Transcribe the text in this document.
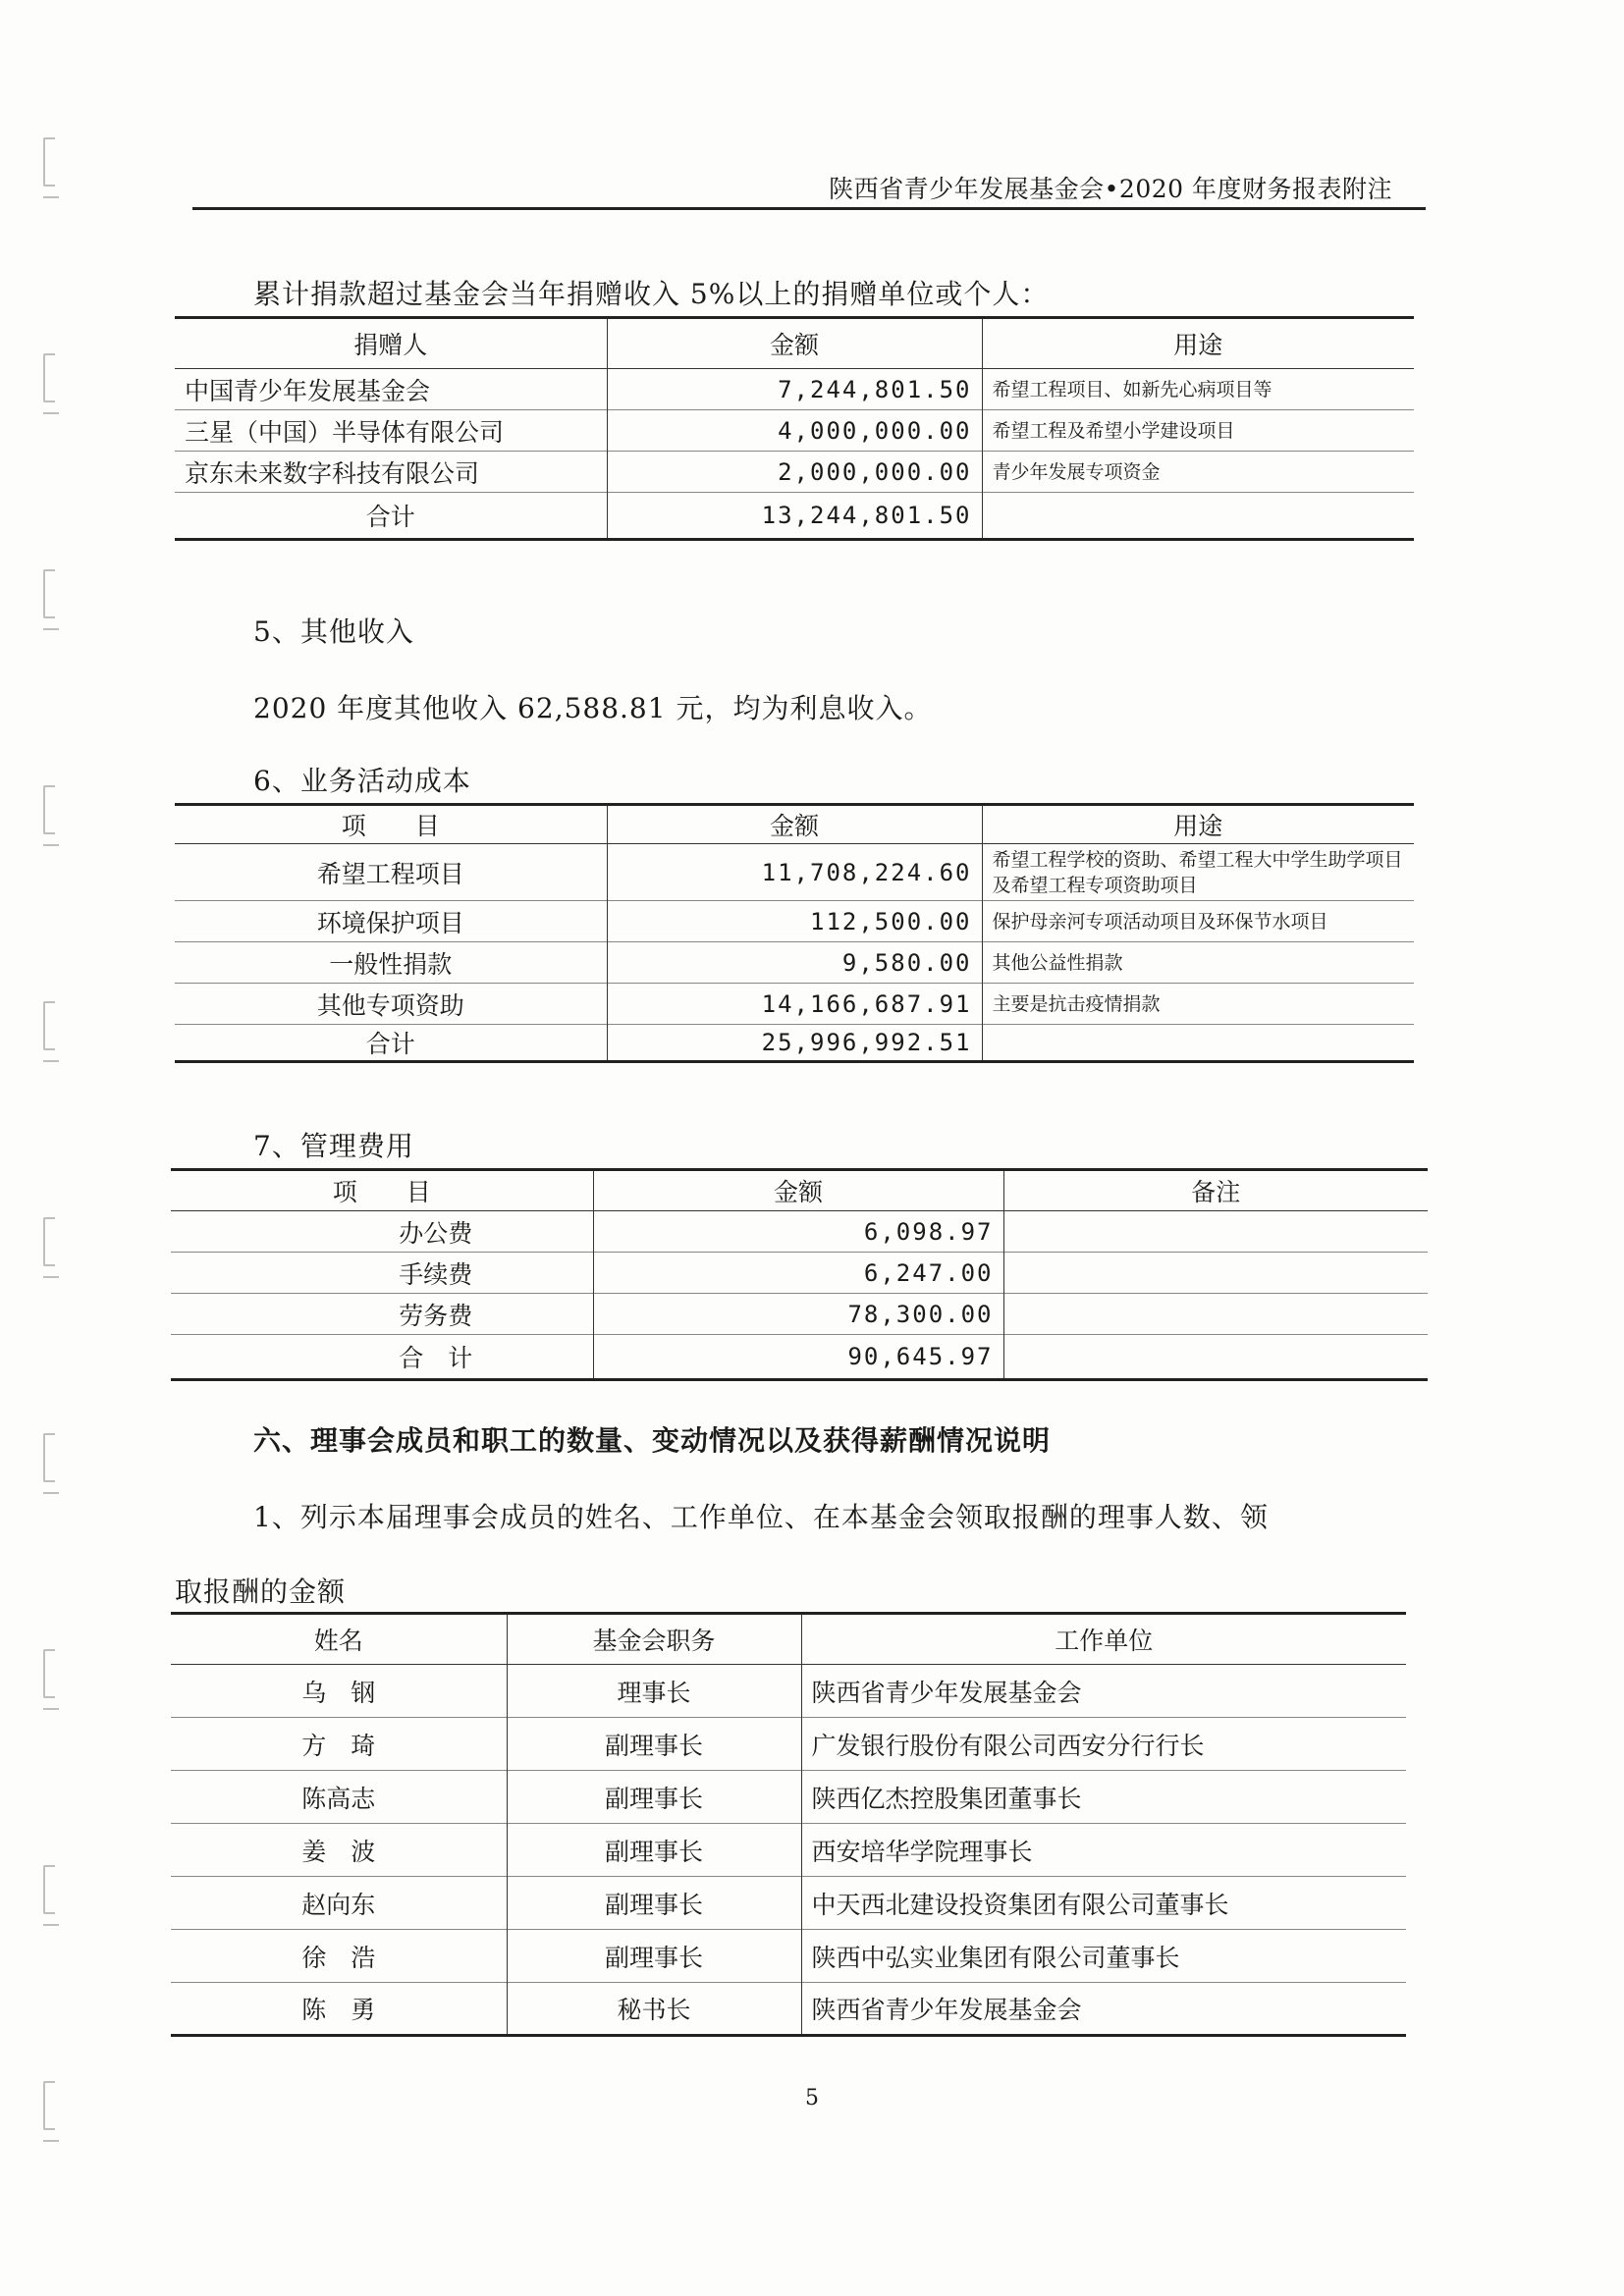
陕西省青少年发展基金会•2020 年度财务报表附注
累计捐款超过基金会当年捐赠收入 5%以上的捐赠单位或个人：
捐赠人	金额	用途
中国青少年发展基金会	7,244,801.50	希望工程项目、如新先心病项目等
三星（中国）半导体有限公司	4,000,000.00	希望工程及希望小学建设项目
京东未来数字科技有限公司	2,000,000.00	青少年发展专项资金
合计	13,244,801.50	
5、其他收入
2020 年度其他收入 62,588.81 元，均为利息收入。
6、业务活动成本
项　　目	金额	用途
希望工程项目	11,708,224.60	希望工程学校的资助、希望工程大中学生助学项目及希望工程专项资助项目
环境保护项目	112,500.00	保护母亲河专项活动项目及环保节水项目
一般性捐款	9,580.00	其他公益性捐款
其他专项资助	14,166,687.91	主要是抗击疫情捐款
合计	25,996,992.51	
7、管理费用
项　　目	金额	备注
办公费	6,098.97	
手续费	6,247.00	
劳务费	78,300.00	
合　计	90,645.97	
六、理事会成员和职工的数量、变动情况以及获得薪酬情况说明
1、列示本届理事会成员的姓名、工作单位、在本基金会领取报酬的理事人数、领
取报酬的金额
姓名	基金会职务	工作单位
乌　钢	理事长	陕西省青少年发展基金会
方　琦	副理事长	广发银行股份有限公司西安分行行长
陈高志	副理事长	陕西亿杰控股集团董事长
姜　波	副理事长	西安培华学院理事长
赵向东	副理事长	中天西北建设投资集团有限公司董事长
徐　浩	副理事长	陕西中弘实业集团有限公司董事长
陈　勇	秘书长	陕西省青少年发展基金会
5
